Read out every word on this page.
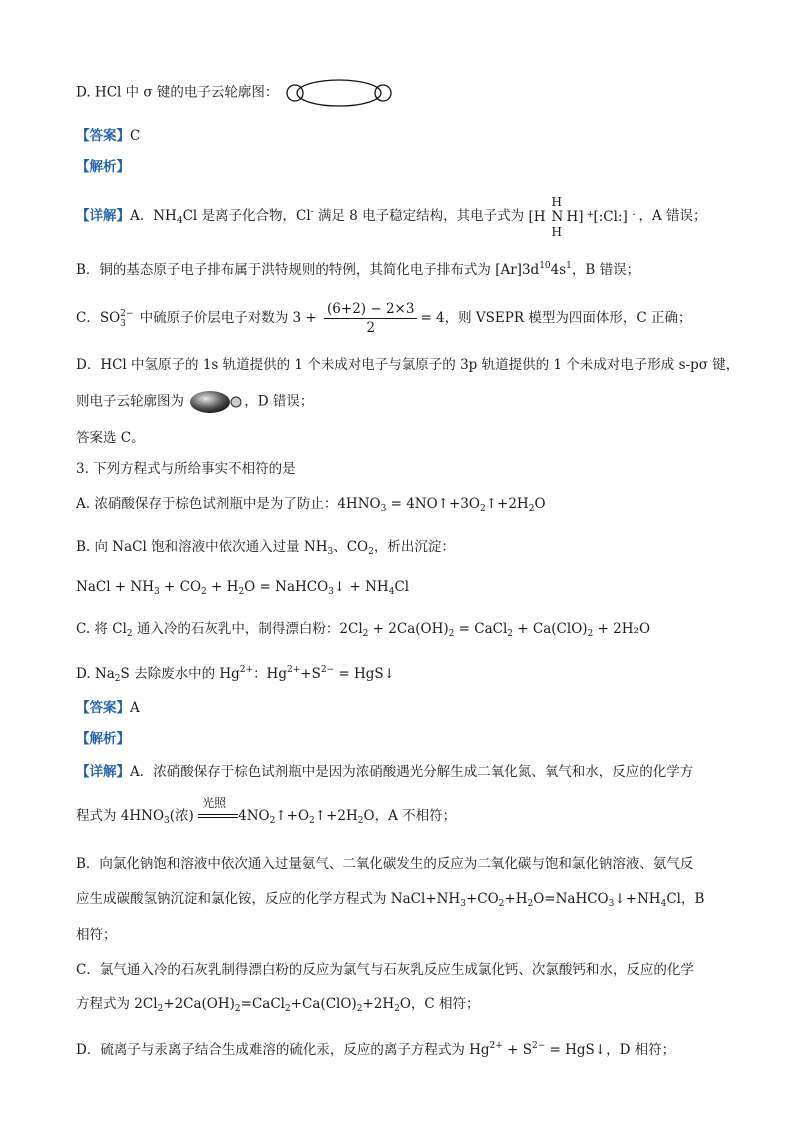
D. HCl 中 σ 键的电子云轮廓图：
【答案】C
【解析】
【详解】A．$NH_4Cl$ 是离子化合物，Cl- 满足 8 电子稳定结构，其电子式为 [H
H
N
H
H] + [:Cl:] - ，A 错误；
B．铜的基态原子电子排布属于洪特规则的特例，其简化电子排布式为 $[Ar]3d^{10}4s^1$，B 错误；
C．SO 2−
3 中硫原子价层电子对数为 $3 + \frac{(6+2) - 2\times 3}{2} = 4$，则 VSEPR 模型为四面体形，C 正确；
D．HCl 中氢原子的 1s 轨道提供的 1 个未成对电子与氯原子的 3p 轨道提供的 1 个未成对电子形成 s-pσ 键，
则电子云轮廓图为	，D 错误；
答案选 C。
3. 下列方程式与所给事实不相符的是
A. 浓硝酸保存于棕色试剂瓶中是为了防止：$4HNO_3$ = $4NO↑+3O_2↑+2H_2O$
B. 向 NaCl 饱和溶液中依次通入过量 $NH_3$、$CO_2$，析出沉淀：
NaCl + $NH_3 + CO_2 + H_2O$ = NaHCO$_3$↓ + $NH_4Cl$
C. 将 $Cl_2$ 通入冷的石灰乳中，制得漂白粉：$2Cl_2 + 2Ca(OH)_2$ = CaCl$_2$ + $Ca(ClO)_2 + 2H_2O$
D. $Na_2S$ 去除废水中的 $Hg^{2+}$：$Hg^{2+}+S^{2-}$ = HgS↓
【答案】A
【解析】
【详解】A．浓硝酸保存于棕色试剂瓶中是因为浓硝酸遇光分解生成二氧化氮、氧气和水，反应的化学方
程式为 $4HNO_3$(浓)
光照
$4NO_2↑+O_2↑+2H_2O$，A 不相符；
B．向氯化钠饱和溶液中依次通入过量氨气、二氧化碳发生的反应为二氧化碳与饱和氯化钠溶液、氨气反
应生成碳酸氢钠沉淀和氯化铵，反应的化学方程式为 $NaCl+NH_3+CO_2+H_2O=NaHCO_3↓+NH_4Cl$，B
相符；
C．氯气通入冷的石灰乳制得漂白粉的反应为氯气与石灰乳反应生成氯化钙、次氯酸钙和水，反应的化学
方程式为 $2Cl_2+2Ca(OH)_2=CaCl_2+Ca(ClO)_2+2H_2O$，C 相符；
D．硫离子与汞离子结合生成难溶的硫化汞，反应的离子方程式为 $Hg^{2+} + S^{2-}$ = HgS↓，D 相符；
